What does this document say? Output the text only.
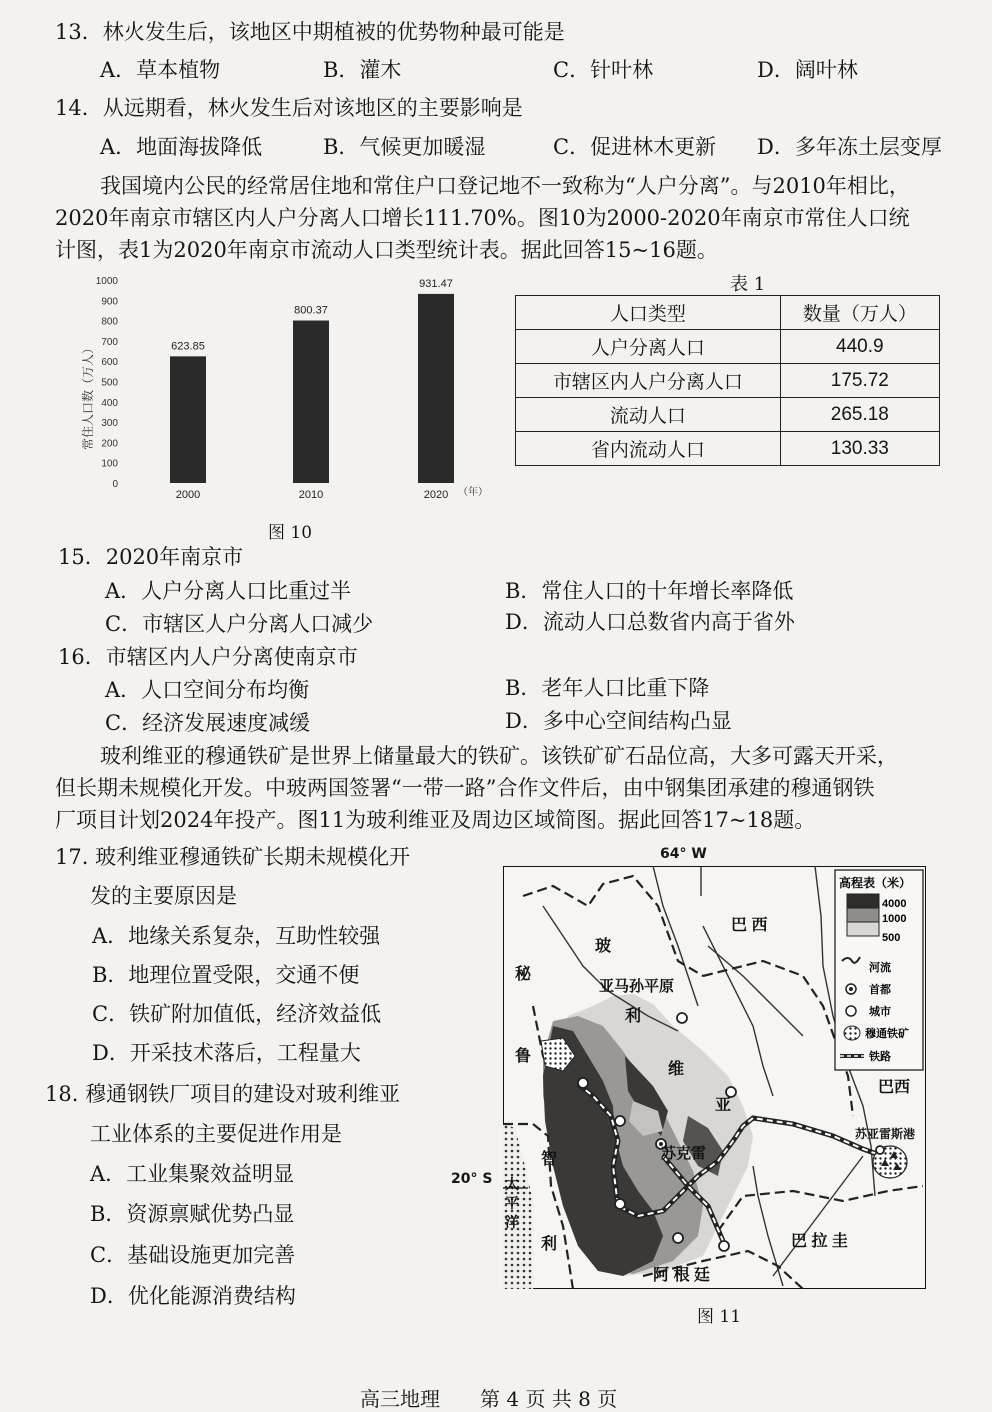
13．林火发生后，该地区中期植被的优势物种最可能是
A．草本植物	B．灌木	C．针叶林	D．阔叶林
14．从远期看，林火发生后对该地区的主要影响是
A．地面海拔降低	B．气候更加暖湿	C．促进林木更新 D．多年冻土层变厚
我国境内公民的经常居住地和常住户口登记地不一致称为“人户分离”。与2010年相比，
2020年南京市辖区内人户分离人口增长111.70%。图10为2000-2020年南京市常住人口统
计图，表1为2020年南京市流动人口类型统计表。据此回答15~16题。
0
100
200
300
400
500
600
700
800
900
1000
623.85
2000
800.37
2010
931.47
2020
常住人口数（万人）
（年）
图 10
表 1
人口类型	数量（万人）
人户分离人口	440.9
市辖区内人户分离人口	175.72
流动人口	265.18
省内流动人口	130.33
15．2020年南京市
A．人户分离人口比重过半	B．常住人口的十年增长率降低
C．市辖区人户分离人口减少	D．流动人口总数省内高于省外
16．市辖区内人户分离使南京市
A．人口空间分布均衡	B．老年人口比重下降
C．经济发展速度减缓	D．多中心空间结构凸显
玻利维亚的穆通铁矿是世界上储量最大的铁矿。该铁矿矿石品位高，大多可露天开采，
但长期未规模化开发。中玻两国签署“一带一路”合作文件后，由中钢集团承建的穆通钢铁
厂项目计划2024年投产。图11为玻利维亚及周边区域简图。据此回答17~18题。
17. 玻利维亚穆通铁矿长期未规模化开
发的主要原因是
A．地缘关系复杂，互助性较强
B．地理位置受限，交通不便
C．铁矿附加值低，经济效益低
D．开采技术落后，工程量大
18. 穆通钢铁厂项目的建设对玻利维亚
工业体系的主要促进作用是
A．工业集聚效益明显
B．资源禀赋优势凸显
C．基础设施更加完善
D．优化能源消费结构
64° W
20° S
巴 西
巴西
秘
鲁
玻
利
维
亚
亚马孙平原
智
利
太
平
洋
苏克雷
苏亚雷斯港
巴 拉 圭
阿 根 廷
高程表（米）
4000
1000
500
河流
首都
城市
穆通铁矿
铁路
图 11
高三地理　　第 4 页 共 8 页
